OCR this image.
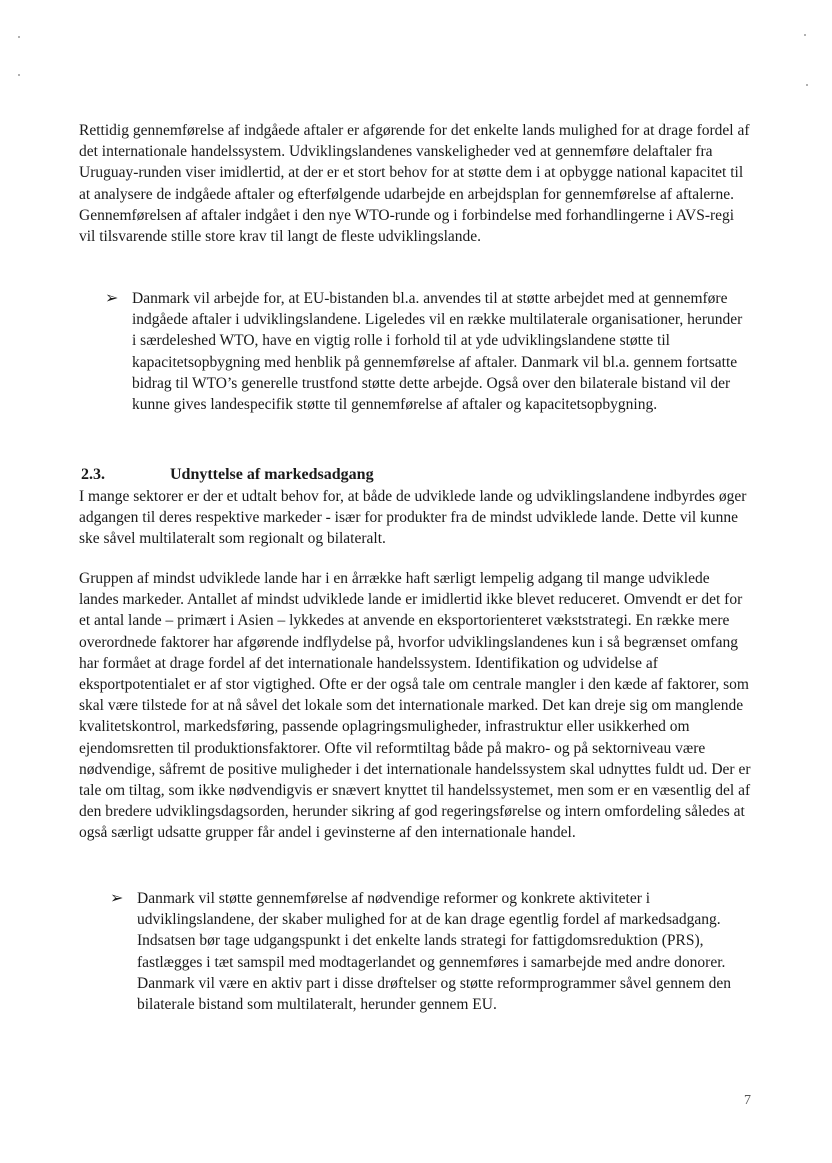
Rettidig gennemførelse af indgåede aftaler er afgørende for det enkelte lands mulighed for at drage fordel af det internationale handelssystem. Udviklingslandenes vanskeligheder ved at gennemføre delaftaler fra Uruguay-runden viser imidlertid, at der er et stort behov for at støtte dem i at opbygge national kapacitet til at analysere de indgåede aftaler og efterfølgende udarbejde en arbejdsplan for gennemførelse af aftalerne. Gennemførelsen af aftaler indgået i den nye WTO-runde og i forbindelse med forhandlingerne i AVS-regi vil tilsvarende stille store krav til langt de fleste udviklingslande.

➢ Danmark vil arbejde for, at EU-bistanden bl.a. anvendes til at støtte arbejdet med at gennemføre indgåede aftaler i udviklingslandene. Ligeledes vil en række multilaterale organisationer, herunder i særdeleshed WTO, have en vigtig rolle i forhold til at yde udviklingslandene støtte til kapacitetsopbygning med henblik på gennemførelse af aftaler. Danmark vil bl.a. gennem fortsatte bidrag til WTO’s generelle trustfond støtte dette arbejde. Også over den bilaterale bistand vil der kunne gives landespecifik støtte til gennemførelse af aftaler og kapacitetsopbygning.

2.3.	Udnyttelse af markedsadgang

I mange sektorer er der et udtalt behov for, at både de udviklede lande og udviklingslandene indbyrdes øger adgangen til deres respektive markeder - især for produkter fra de mindst udviklede lande. Dette vil kunne ske såvel multilateralt som regionalt og bilateralt.

Gruppen af mindst udviklede lande har i en årrække haft særligt lempelig adgang til mange udviklede landes markeder. Antallet af mindst udviklede lande er imidlertid ikke blevet reduceret. Omvendt er det for et antal lande – primært i Asien – lykkedes at anvende en eksportorienteret vækststrategi. En række mere overordnede faktorer har afgørende indflydelse på, hvorfor udviklingslandenes kun i så begrænset omfang har formået at drage fordel af det internationale handelssystem. Identifikation og udvidelse af eksportpotentialet er af stor vigtighed. Ofte er der også tale om centrale mangler i den kæde af faktorer, som skal være tilstede for at nå såvel det lokale som det internationale marked. Det kan dreje sig om manglende kvalitetskontrol, markedsføring, passende oplagringsmuligheder, infrastruktur eller usikkerhed om ejendomsretten til produktionsfaktorer. Ofte vil reformtiltag både på makro- og på sektorniveau være nødvendige, såfremt de positive muligheder i det internationale handelssystem skal udnyttes fuldt ud. Der er tale om tiltag, som ikke nødvendigvis er snævert knyttet til handelssystemet, men som er en væsentlig del af den bredere udviklingsdagsorden, herunder sikring af god regeringsførelse og intern omfordeling således at også særligt udsatte grupper får andel i gevinsterne af den internationale handel.

➢ Danmark vil støtte gennemførelse af nødvendige reformer og konkrete aktiviteter i udviklingslandene, der skaber mulighed for at de kan drage egentlig fordel af markedsadgang. Indsatsen bør tage udgangspunkt i det enkelte lands strategi for fattigdomsreduktion (PRS), fastlægges i tæt samspil med modtagerlandet og gennemføres i samarbejde med andre donorer. Danmark vil være en aktiv part i disse drøftelser og støtte reformprogrammer såvel gennem den bilaterale bistand som multilateralt, herunder gennem EU.

7
